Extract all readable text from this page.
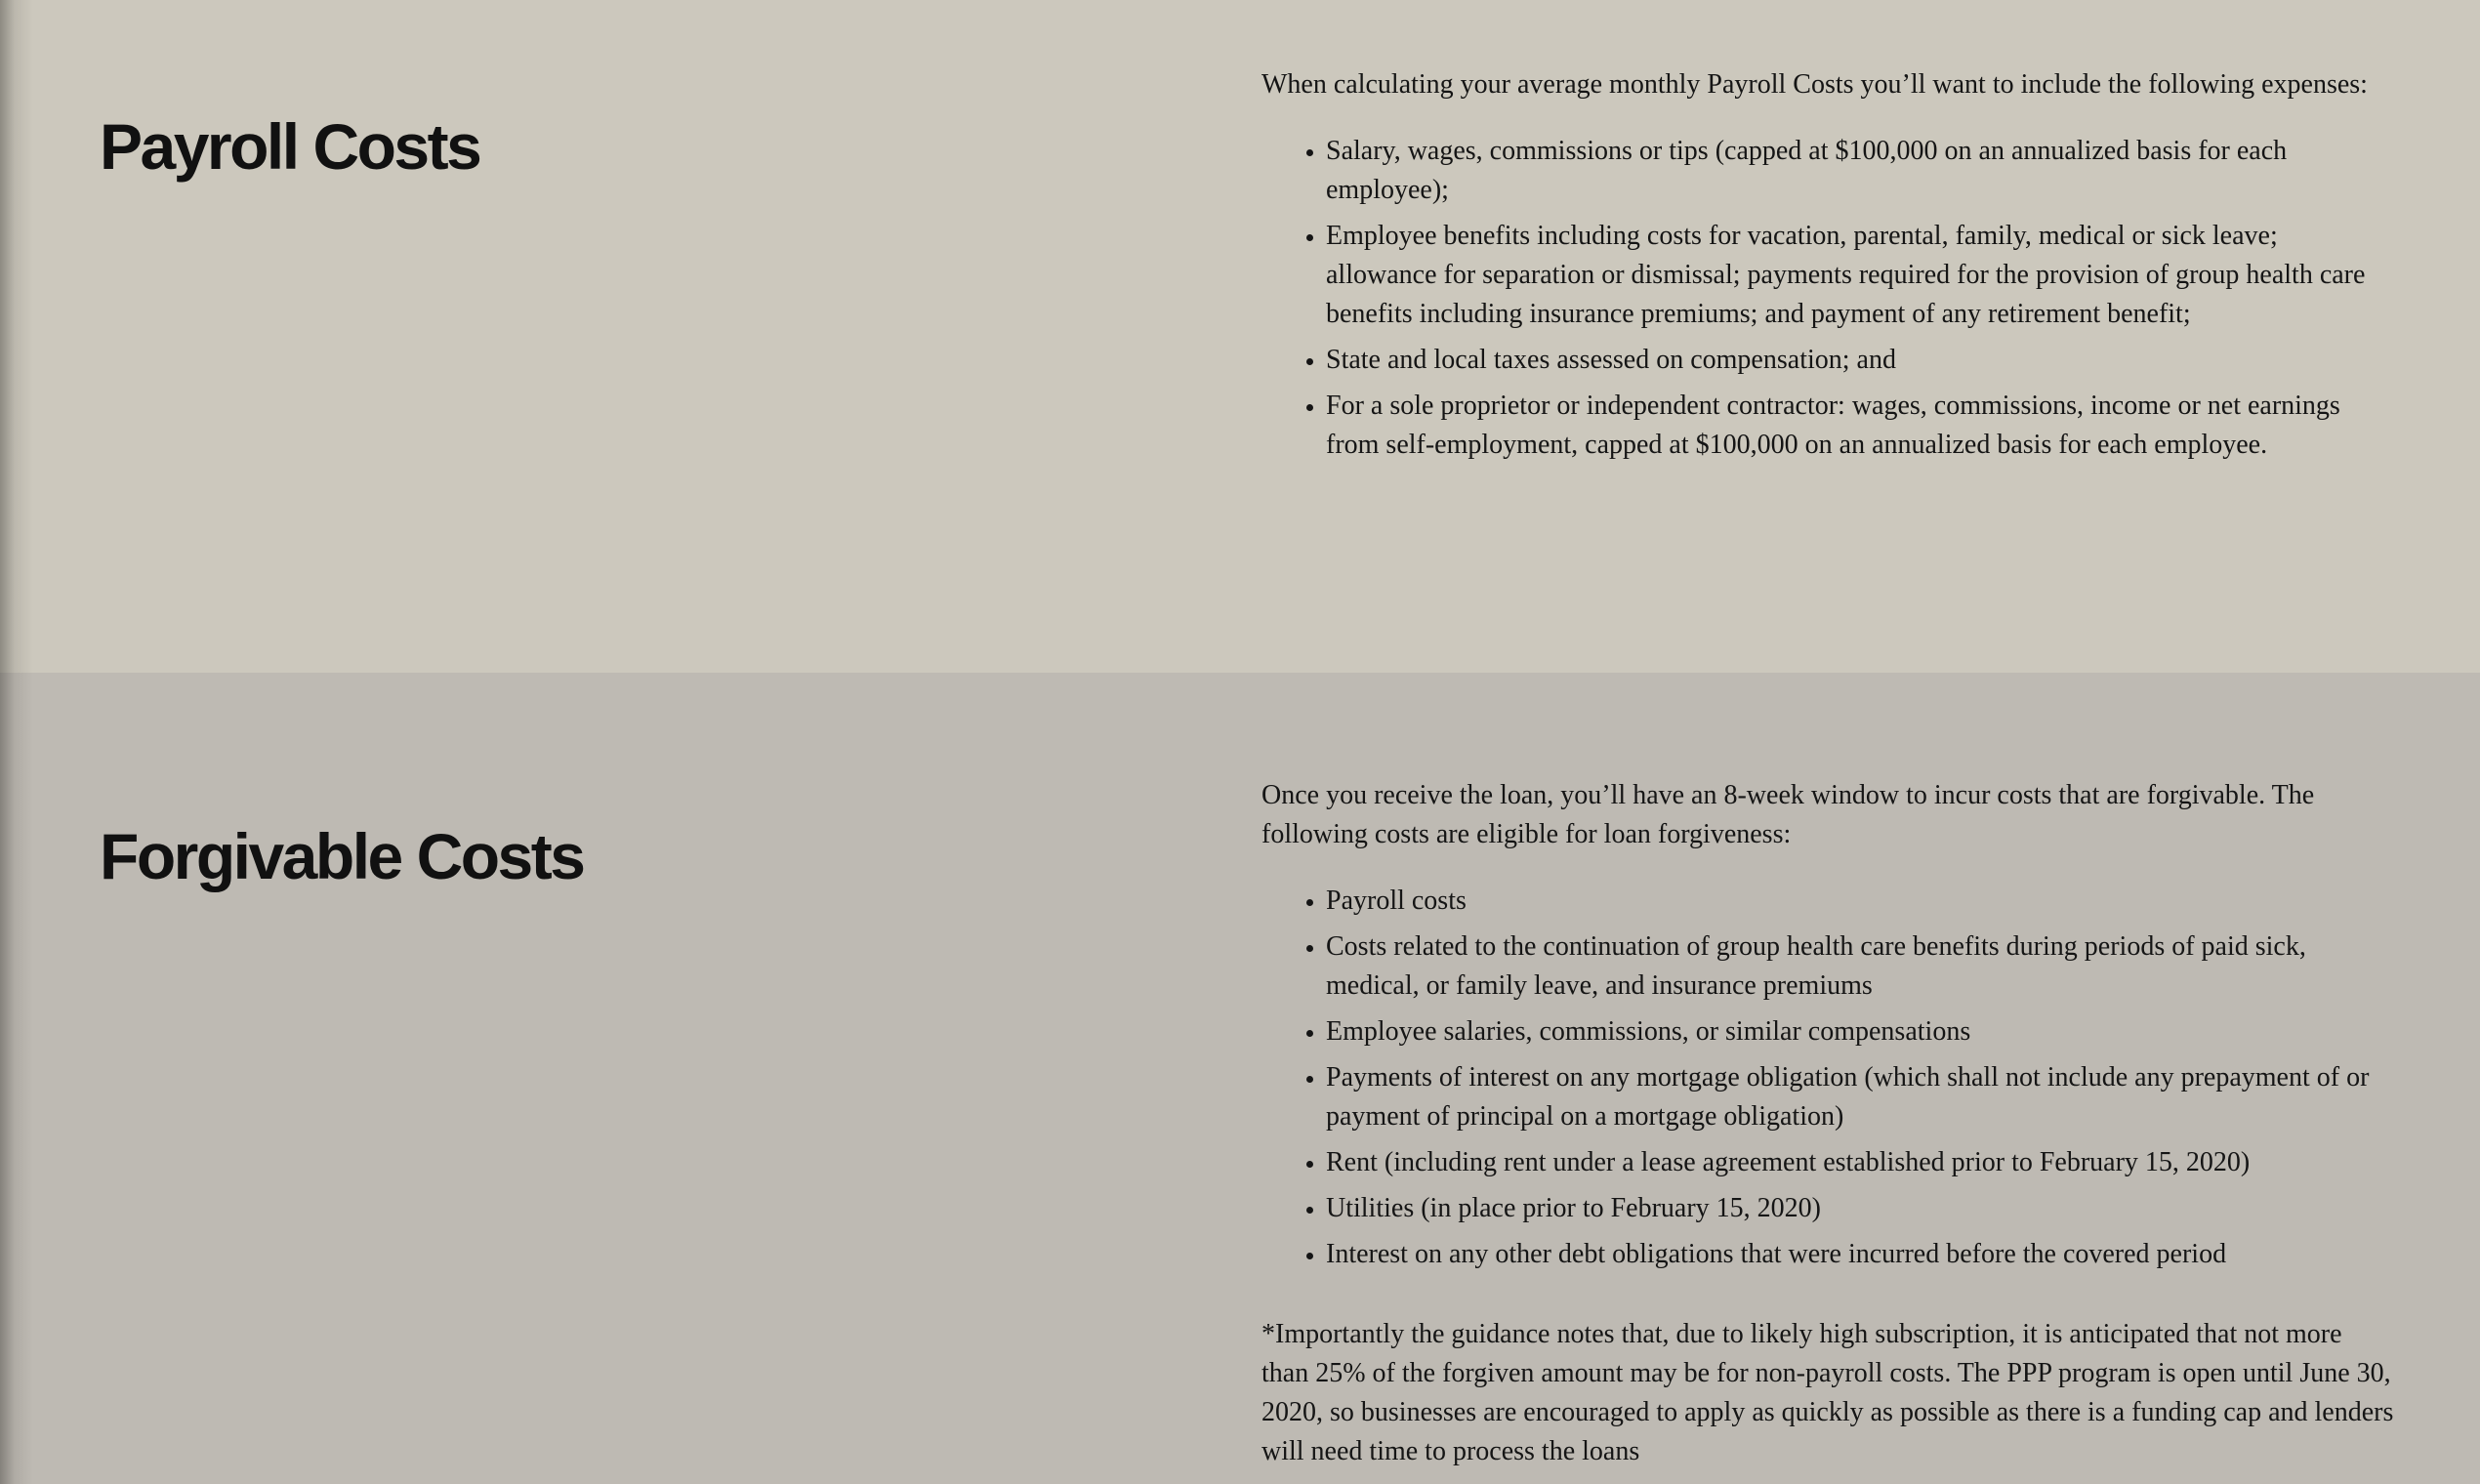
Payroll Costs

When calculating your average monthly Payroll Costs you’ll want to include the following expenses:

• Salary, wages, commissions or tips (capped at $100,000 on an annualized basis for each employee);
• Employee benefits including costs for vacation, parental, family, medical or sick leave; allowance for separation or dismissal; payments required for the provision of group health care benefits including insurance premiums; and payment of any retirement benefit;
• State and local taxes assessed on compensation; and
• For a sole proprietor or independent contractor: wages, commissions, income or net earnings from self-employment, capped at $100,000 on an annualized basis for each employee.
Forgivable Costs

Once you receive the loan, you’ll have an 8-week window to incur costs that are forgivable. The following costs are eligible for loan forgiveness:

• Payroll costs
• Costs related to the continuation of group health care benefits during periods of paid sick, medical, or family leave, and insurance premiums
• Employee salaries, commissions, or similar compensations
• Payments of interest on any mortgage obligation (which shall not include any prepayment of or payment of principal on a mortgage obligation)
• Rent (including rent under a lease agreement established prior to February 15, 2020)
• Utilities (in place prior to February 15, 2020)
• Interest on any other debt obligations that were incurred before the covered period

*Importantly the guidance notes that, due to likely high subscription, it is anticipated that not more than 25% of the forgiven amount may be for non-payroll costs. The PPP program is open until June 30, 2020, so businesses are encouraged to apply as quickly as possible as there is a funding cap and lenders will need time to process the loans
